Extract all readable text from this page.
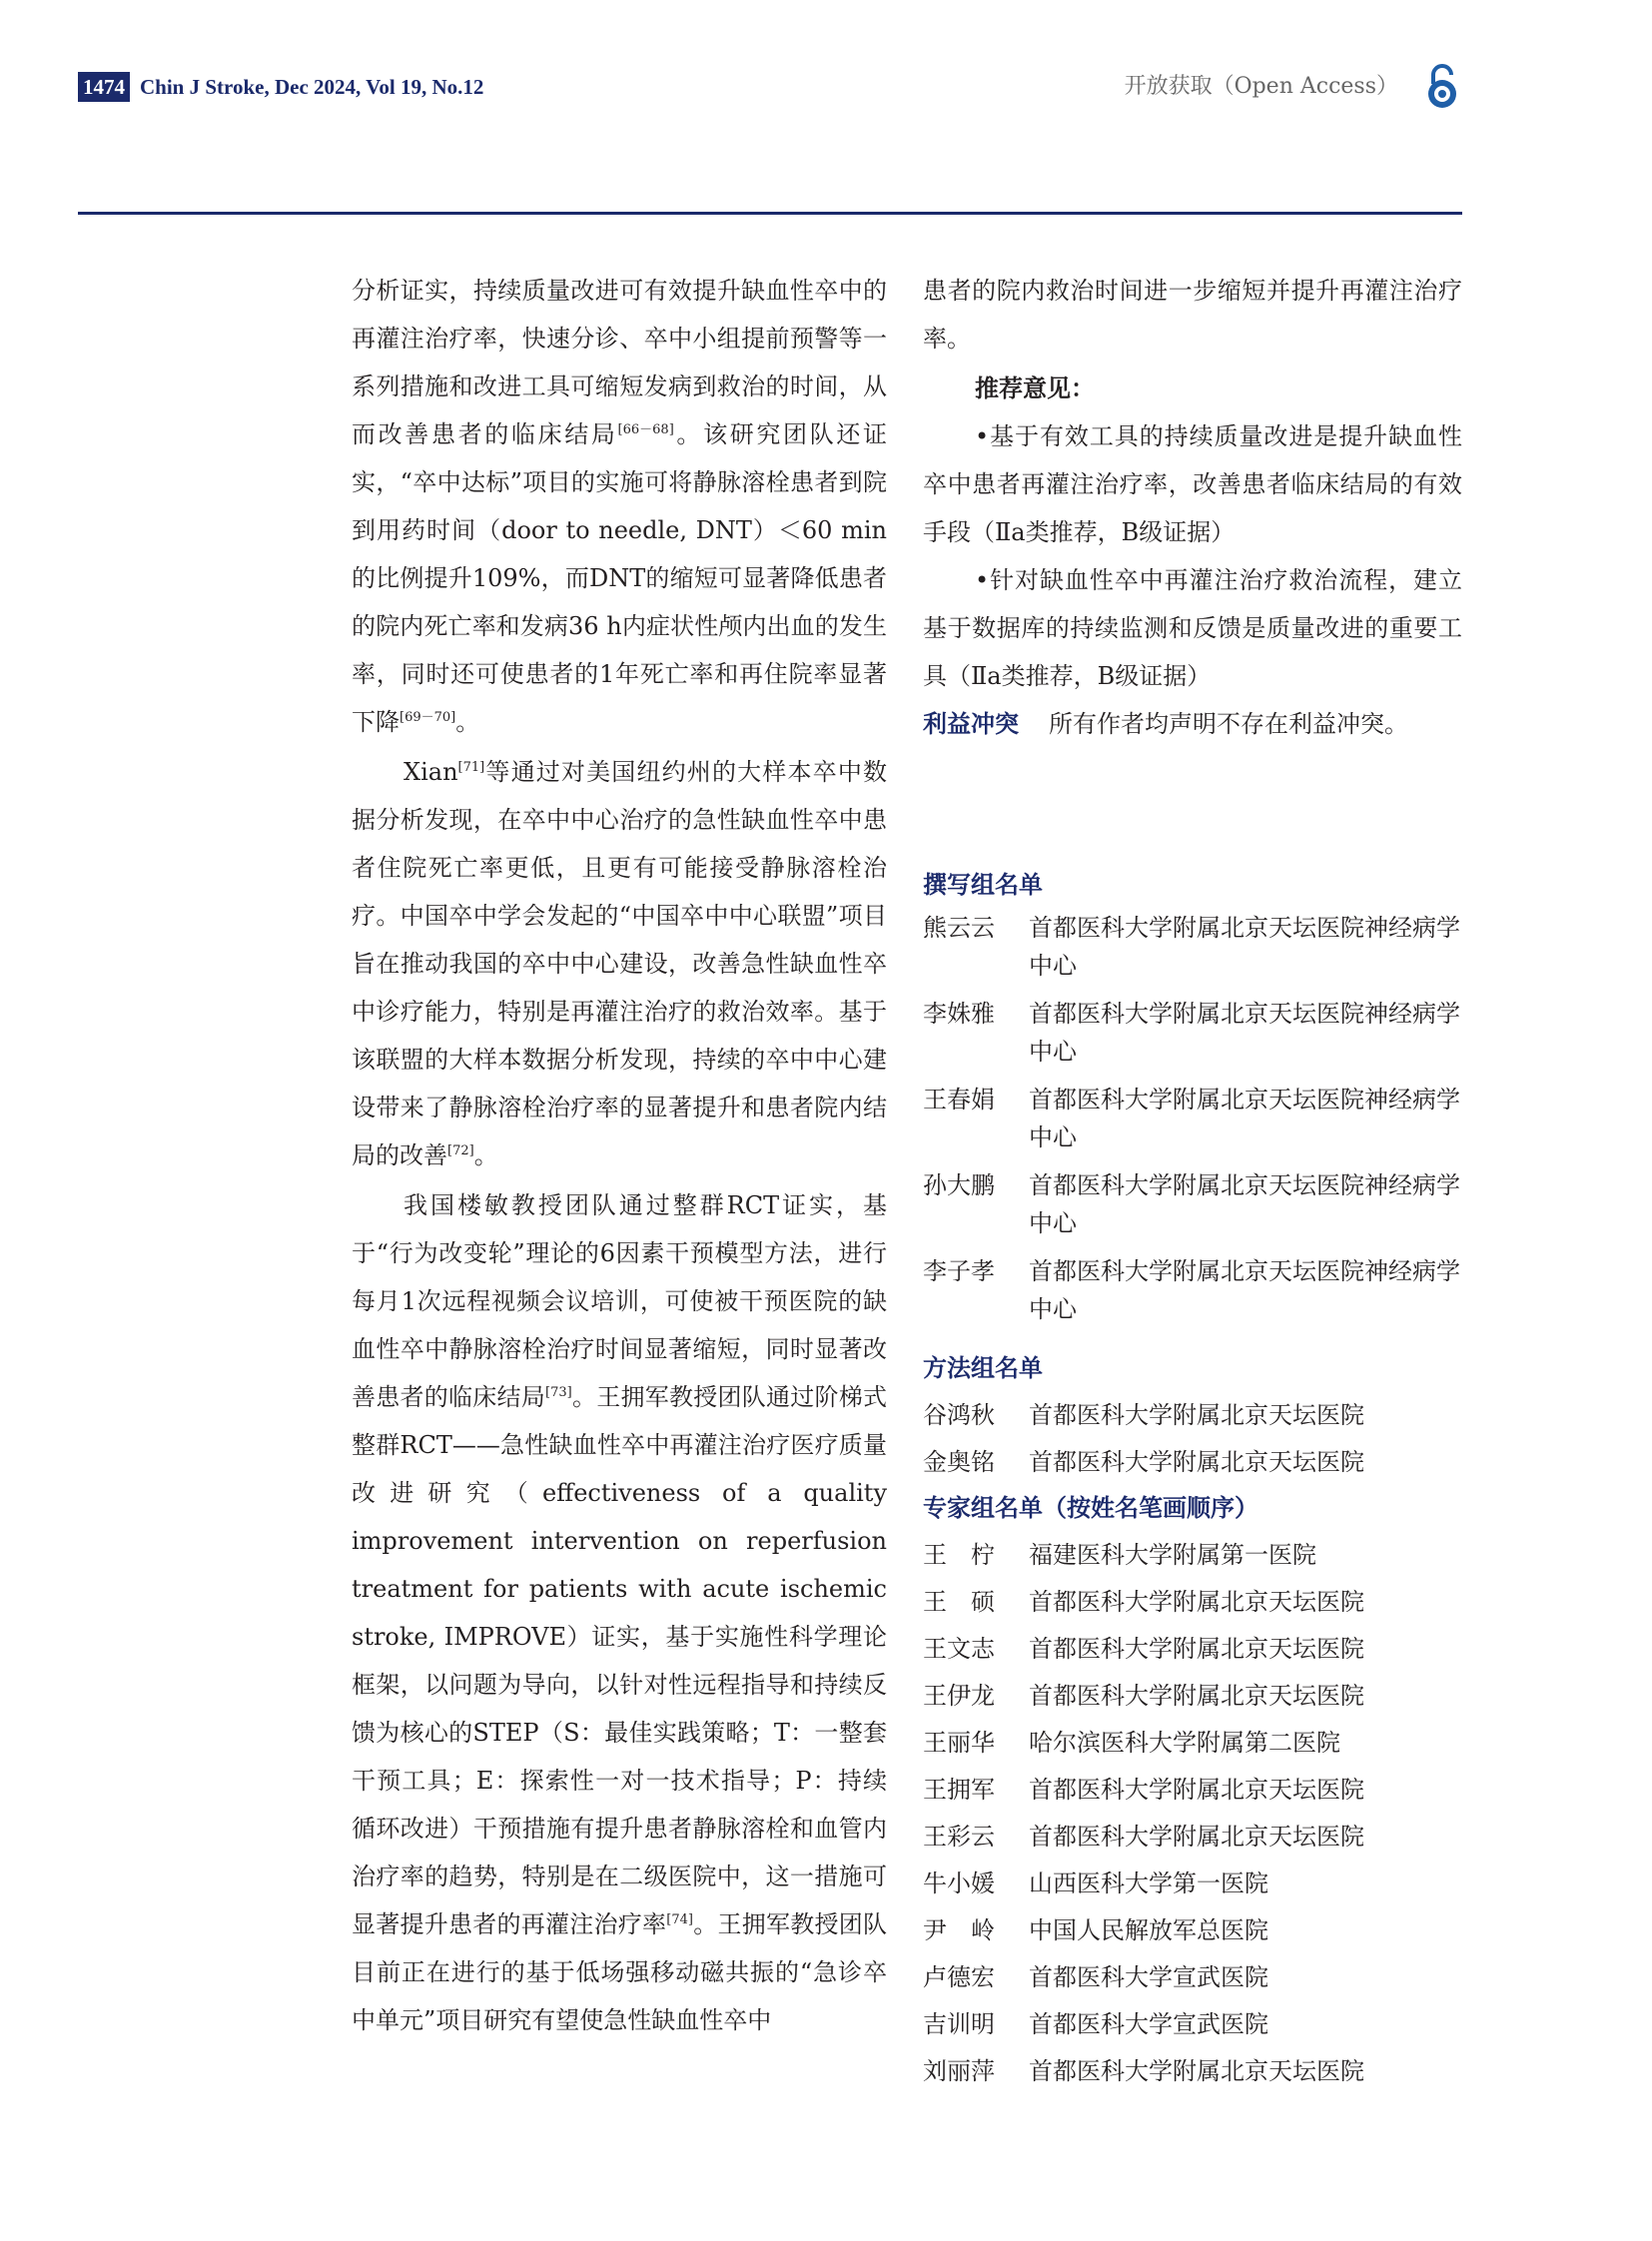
1474 Chin J Stroke, Dec 2024, Vol 19, No.12	开放获取（Open Access）

分析证实，持续质量改进可有效提升缺血性卒中的再灌注治疗率，快速分诊、卒中小组提前预警等一系列措施和改进工具可缩短发病到救治的时间，从而改善患者的临床结局[66－68]。该研究团队还证实，“卒中达标”项目的实施可将静脉溶栓患者到院到用药时间（door to needle, DNT）＜60 min的比例提升109%，而DNT的缩短可显著降低患者的院内死亡率和发病36 h内症状性颅内出血的发生率，同时还可使患者的1年死亡率和再住院率显著下降[69－70]。

Xian[71]等通过对美国纽约州的大样本卒中数据分析发现，在卒中中心治疗的急性缺血性卒中患者住院死亡率更低，且更有可能接受静脉溶栓治疗。中国卒中学会发起的“中国卒中中心联盟”项目旨在推动我国的卒中中心建设，改善急性缺血性卒中诊疗能力，特别是再灌注治疗的救治效率。基于该联盟的大样本数据分析发现，持续的卒中中心建设带来了静脉溶栓治疗率的显著提升和患者院内结局的改善[72]。

我国楼敏教授团队通过整群RCT证实，基于“行为改变轮”理论的6因素干预模型方法，进行每月1次远程视频会议培训，可使被干预医院的缺血性卒中静脉溶栓治疗时间显著缩短，同时显著改善患者的临床结局[73]。王拥军教授团队通过阶梯式整群RCT——急性缺血性卒中再灌注治疗医疗质量改进研究（effectiveness of a quality improvement intervention on reperfusion treatment for patients with acute ischemic stroke, IMPROVE）证实，基于实施性科学理论框架，以问题为导向，以针对性远程指导和持续反馈为核心的STEP（S：最佳实践策略；T：一整套干预工具；E：探索性一对一技术指导；P：持续循环改进）干预措施有提升患者静脉溶栓和血管内治疗率的趋势，特别是在二级医院中，这一措施可显著提升患者的再灌注治疗率[74]。王拥军教授团队目前正在进行的基于低场强移动磁共振的“急诊卒中单元”项目研究有望使急性缺血性卒中

患者的院内救治时间进一步缩短并提升再灌注治疗率。

推荐意见：

•基于有效工具的持续质量改进是提升缺血性卒中患者再灌注治疗率，改善患者临床结局的有效手段（Ⅱa类推荐，B级证据）

•针对缺血性卒中再灌注治疗救治流程，建立基于数据库的持续监测和反馈是质量改进的重要工具（Ⅱa类推荐，B级证据）

利益冲突 所有作者均声明不存在利益冲突。

撰写组名单

熊云云	首都医科大学附属北京天坛医院神经病学中心
李姝雅	首都医科大学附属北京天坛医院神经病学中心
王春娟	首都医科大学附属北京天坛医院神经病学中心
孙大鹏	首都医科大学附属北京天坛医院神经病学中心
李子孝	首都医科大学附属北京天坛医院神经病学中心

方法组名单

谷鸿秋	首都医科大学附属北京天坛医院
金奥铭	首都医科大学附属北京天坛医院

专家组名单（按姓名笔画顺序）

王　柠	福建医科大学附属第一医院
王　硕	首都医科大学附属北京天坛医院
王文志	首都医科大学附属北京天坛医院
王伊龙	首都医科大学附属北京天坛医院
王丽华	哈尔滨医科大学附属第二医院
王拥军	首都医科大学附属北京天坛医院
王彩云	首都医科大学附属北京天坛医院
牛小媛	山西医科大学第一医院
尹　岭	中国人民解放军总医院
卢德宏	首都医科大学宣武医院
吉训明	首都医科大学宣武医院
刘丽萍	首都医科大学附属北京天坛医院
